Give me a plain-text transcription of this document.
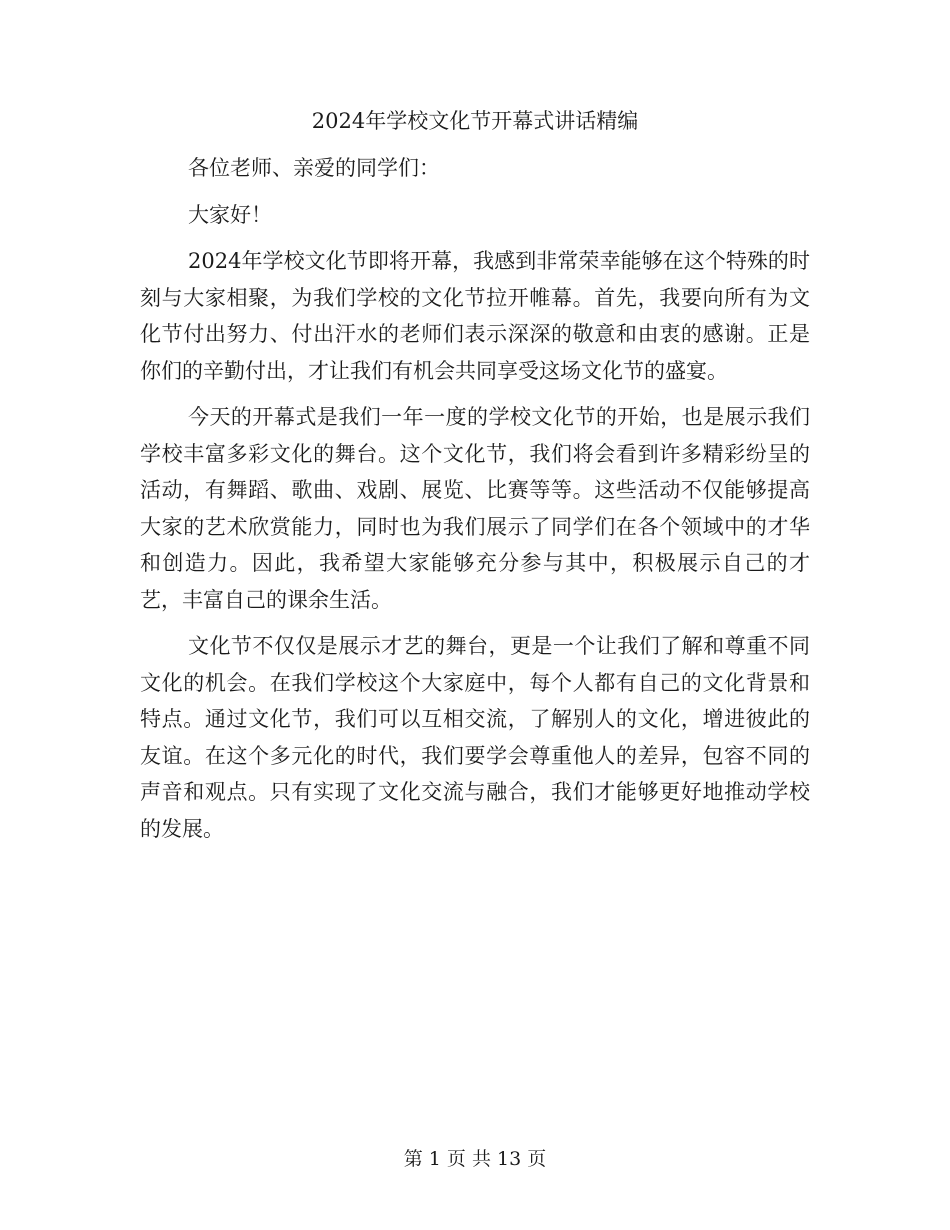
2024年学校文化节开幕式讲话精编

各位老师、亲爱的同学们：

大家好！

2024年学校文化节即将开幕，我感到非常荣幸能够在这个特殊的时刻与大家相聚，为我们学校的文化节拉开帷幕。首先，我要向所有为文化节付出努力、付出汗水的老师们表示深深的敬意和由衷的感谢。正是你们的辛勤付出，才让我们有机会共同享受这场文化节的盛宴。

今天的开幕式是我们一年一度的学校文化节的开始，也是展示我们学校丰富多彩文化的舞台。这个文化节，我们将会看到许多精彩纷呈的活动，有舞蹈、歌曲、戏剧、展览、比赛等等。这些活动不仅能够提高大家的艺术欣赏能力，同时也为我们展示了同学们在各个领域中的才华和创造力。因此，我希望大家能够充分参与其中，积极展示自己的才艺，丰富自己的课余生活。

文化节不仅仅是展示才艺的舞台，更是一个让我们了解和尊重不同文化的机会。在我们学校这个大家庭中，每个人都有自己的文化背景和特点。通过文化节，我们可以互相交流，了解别人的文化，增进彼此的友谊。在这个多元化的时代，我们要学会尊重他人的差异，包容不同的声音和观点。只有实现了文化交流与融合，我们才能够更好地推动学校的发展。

第 1 页 共 13 页
